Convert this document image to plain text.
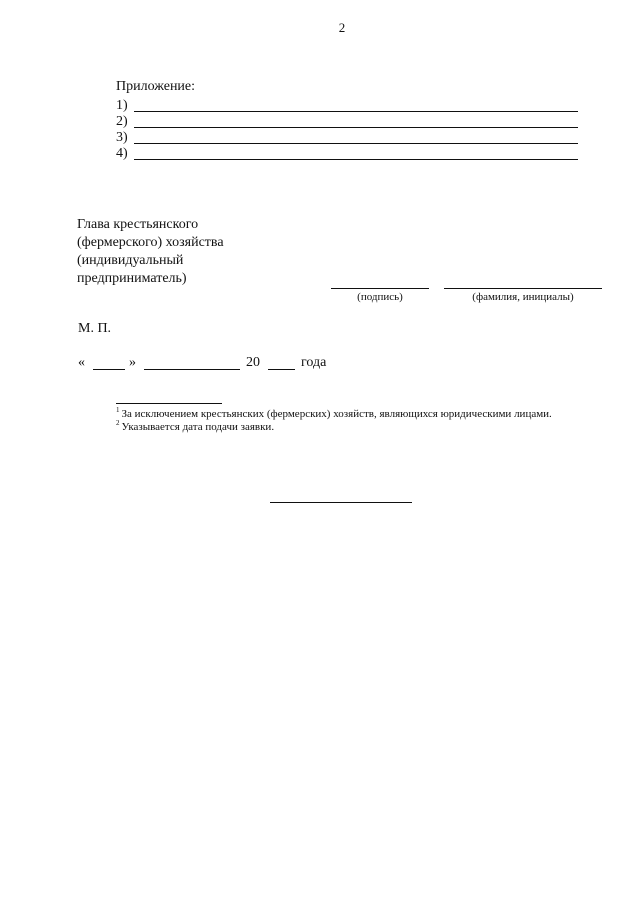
2
Приложение:
1)
2)
3)
4)
Глава крестьянского
(фермерского) хозяйства
(индивидуальный
предприниматель)
(подпись)	(фамилия, инициалы)
М. П.
«	»	20	года
$^1$ За исключением крестьянских (фермерских) хозяйств, являющихся юридическими лицами.
$^2$ Указывается дата подачи заявки.
